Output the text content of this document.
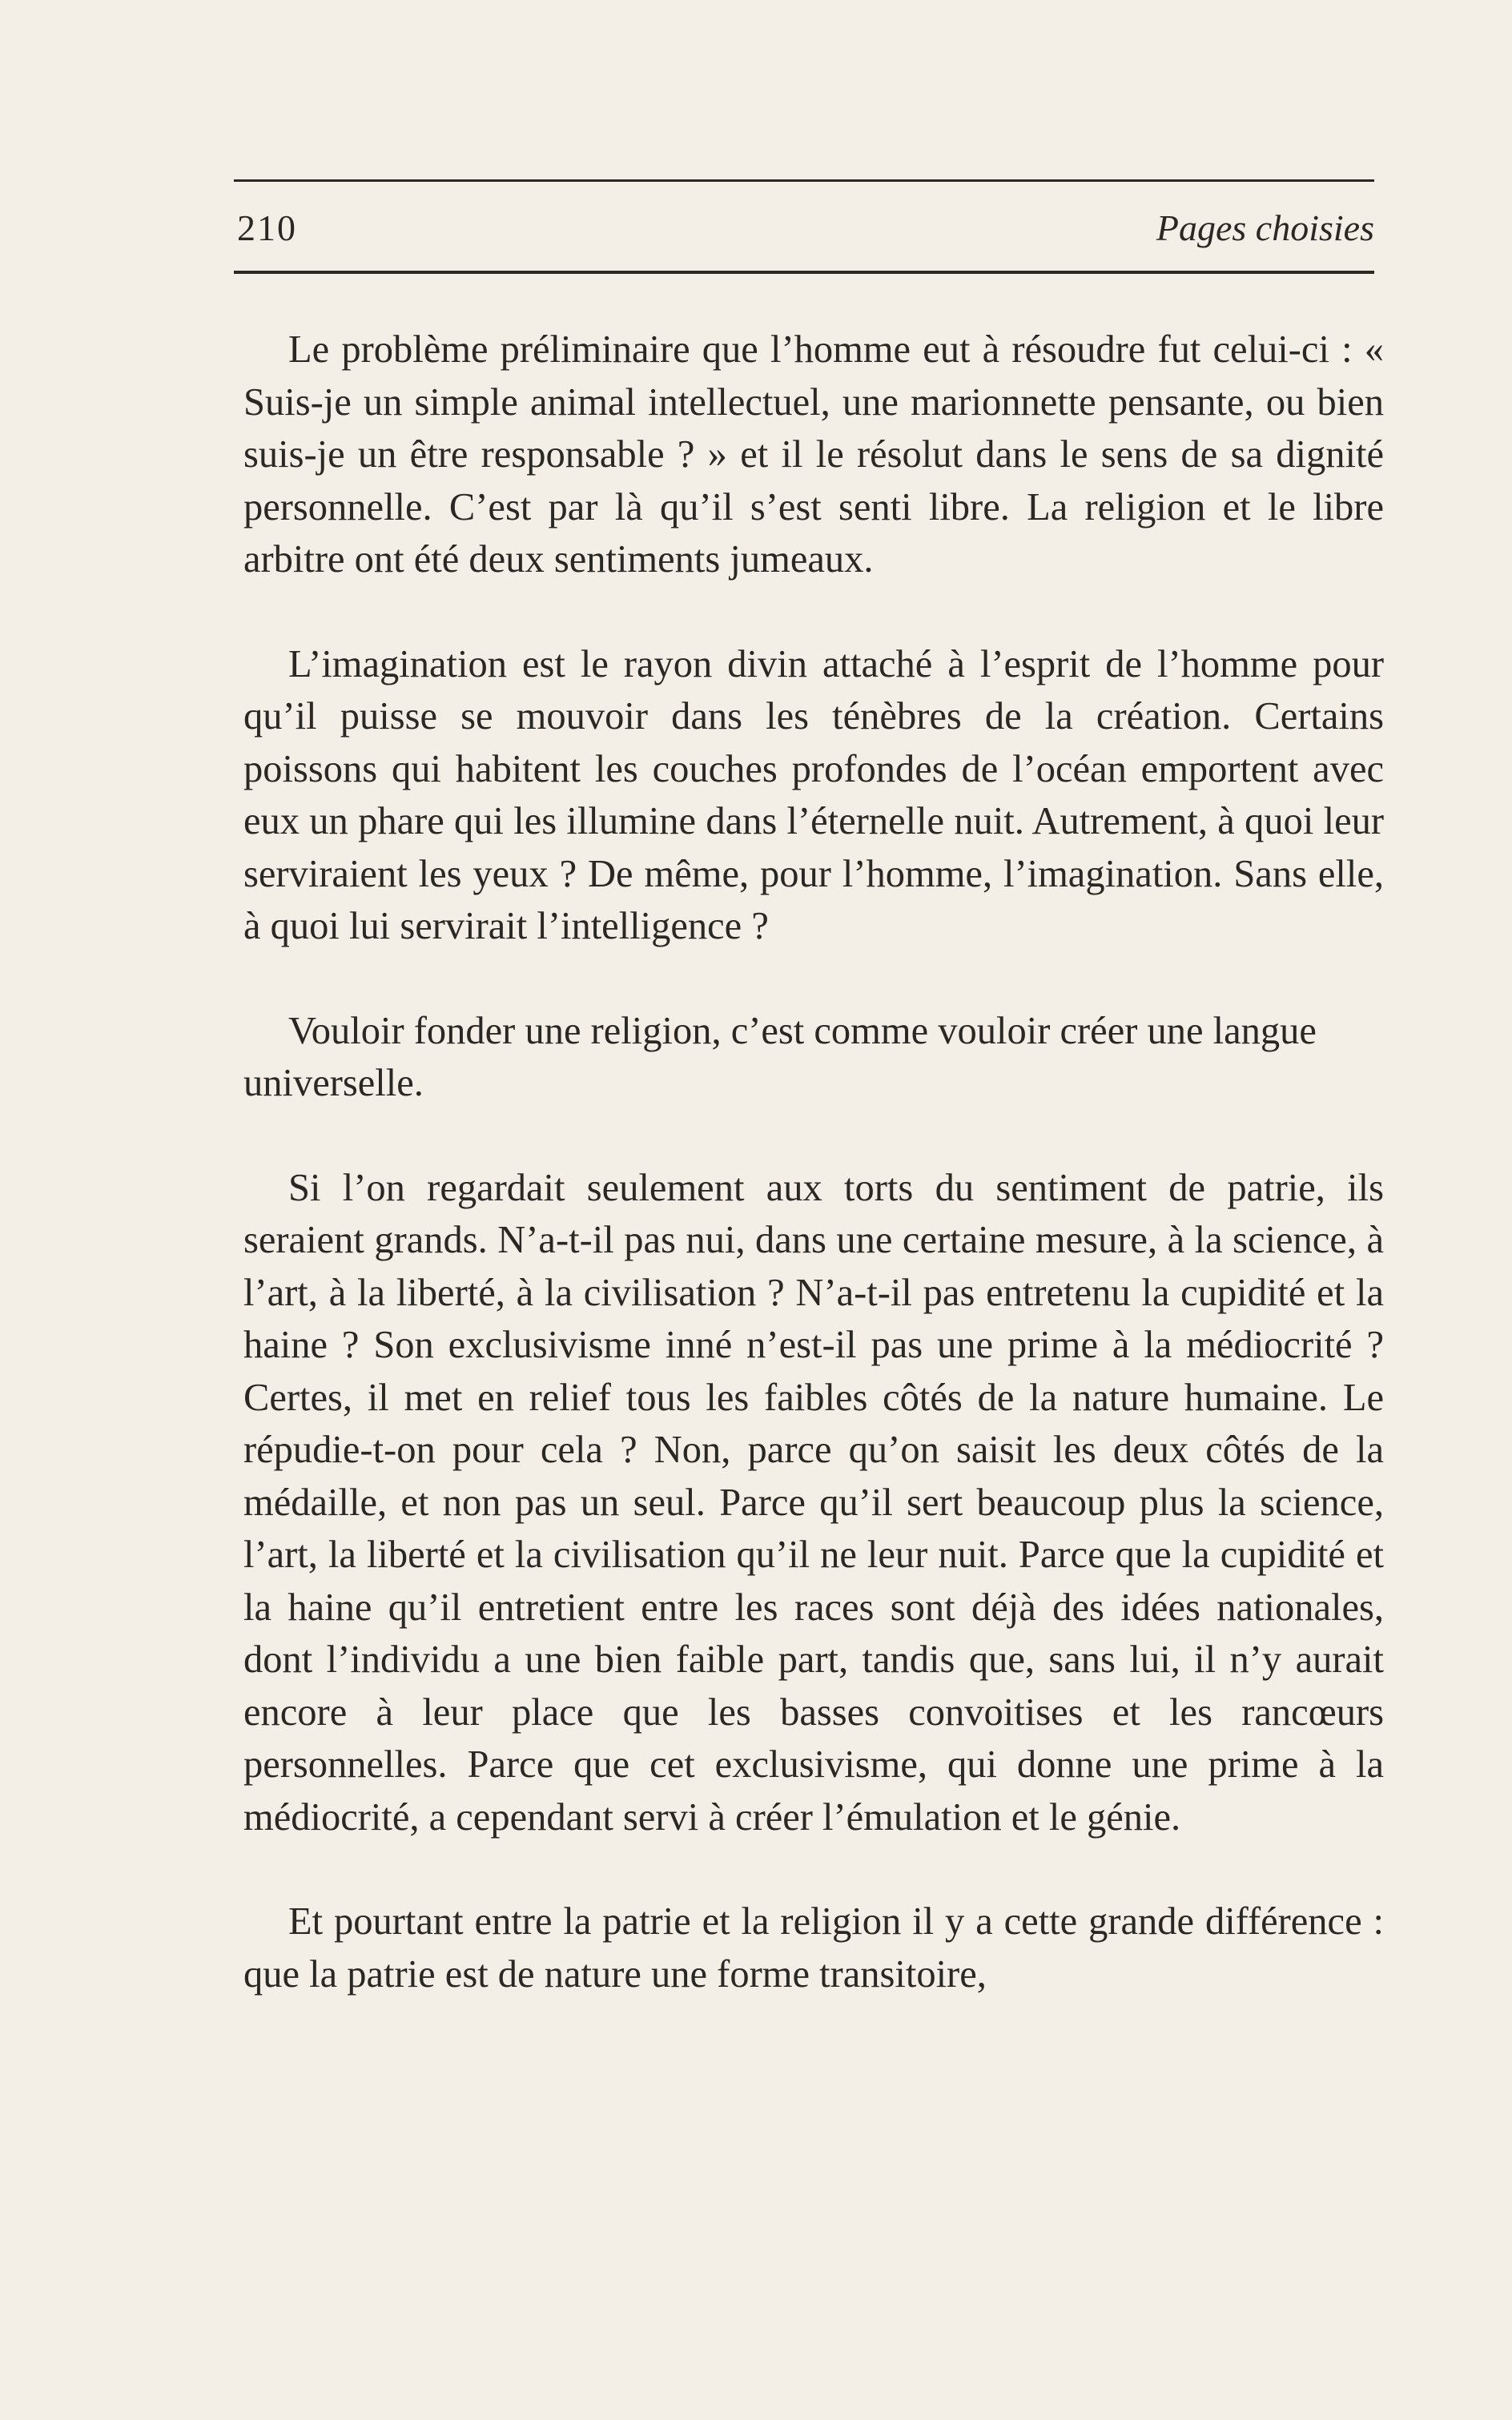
210	Pages choisies

Le problème préliminaire que l’homme eut à résoudre fut celui-ci : « Suis-je un simple animal intellectuel, une marionnette pensante, ou bien suis-je un être responsable ? » et il le résolut dans le sens de sa dignité personnelle. C’est par là qu’il s’est senti libre. La religion et le libre arbitre ont été deux sentiments jumeaux.

L’imagination est le rayon divin attaché à l’esprit de l’homme pour qu’il puisse se mouvoir dans les ténèbres de la création. Certains poissons qui habitent les couches profondes de l’océan emportent avec eux un phare qui les illumine dans l’éternelle nuit. Autrement, à quoi leur serviraient les yeux ? De même, pour l’homme, l’imagination. Sans elle, à quoi lui servirait l’intelligence ?

Vouloir fonder une religion, c’est comme vouloir créer une langue universelle.

Si l’on regardait seulement aux torts du sentiment de patrie, ils seraient grands. N’a-t-il pas nui, dans une certaine mesure, à la science, à l’art, à la liberté, à la civilisation ? N’a-t-il pas entretenu la cupidité et la haine ? Son exclusivisme inné n’est-il pas une prime à la médiocrité ? Certes, il met en relief tous les faibles côtés de la nature humaine. Le répudie-t-on pour cela ? Non, parce qu’on saisit les deux côtés de la médaille, et non pas un seul. Parce qu’il sert beaucoup plus la science, l’art, la liberté et la civilisation qu’il ne leur nuit. Parce que la cupidité et la haine qu’il entretient entre les races sont déjà des idées nationales, dont l’individu a une bien faible part, tandis que, sans lui, il n’y aurait encore à leur place que les basses convoitises et les rancœurs personnelles. Parce que cet exclusivisme, qui donne une prime à la médiocrité, a cependant servi à créer l’émulation et le génie.

Et pourtant entre la patrie et la religion il y a cette grande différence : que la patrie est de nature une forme transitoire,
